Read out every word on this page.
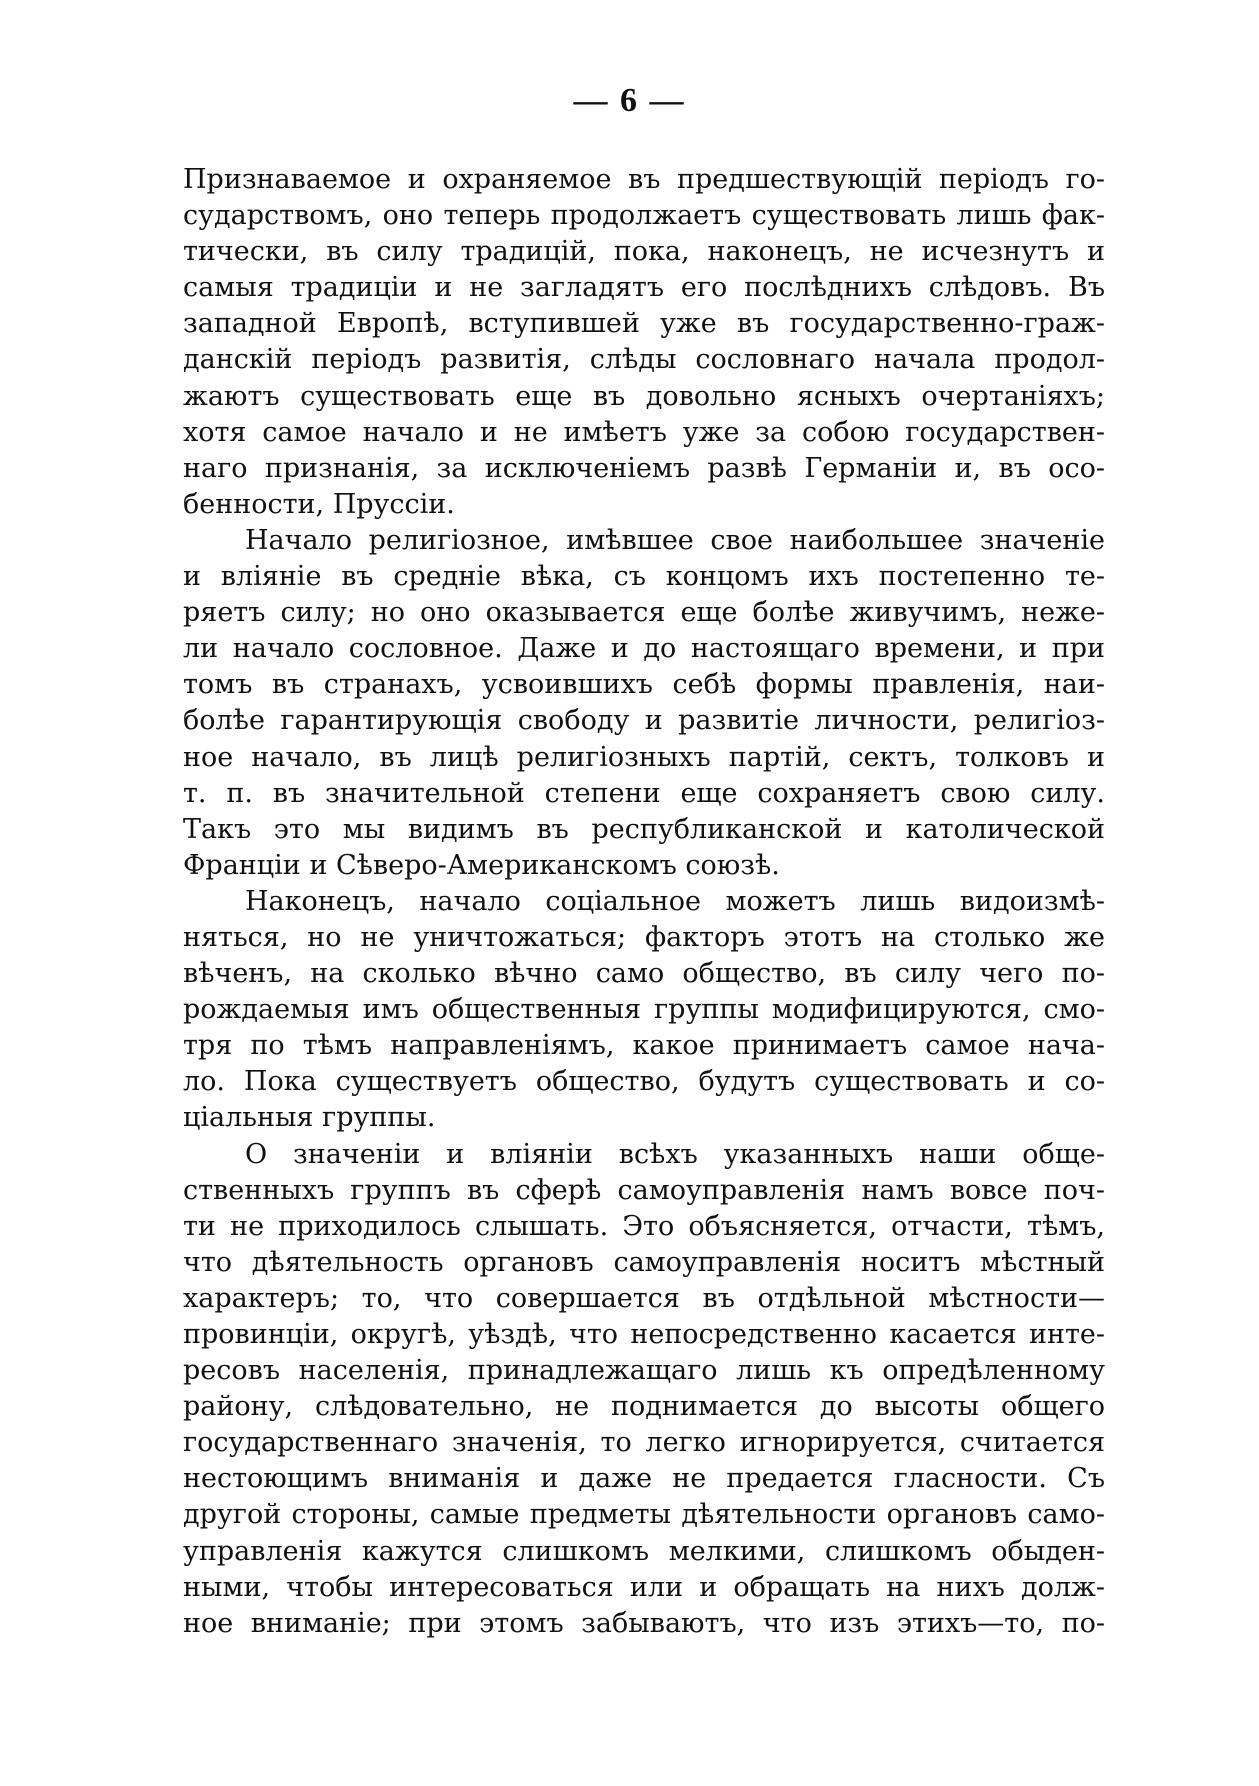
— 6 —
Признаваемое и охраняемое въ предшествующій періодъ го-
сударствомъ, оно теперь продолжаетъ существовать лишь фак-
тически, въ силу традицій, пока, наконецъ, не исчезнутъ и
самыя традиціи и не загладятъ его послѣднихъ слѣдовъ. Въ
западной Европѣ, вступившей уже въ государственно-граж-
данскій періодъ развитія, слѣды сословнаго начала продол-
жаютъ существовать еще въ довольно ясныхъ очертаніяхъ;
хотя самое начало и не имѣетъ уже за собою государствен-
наго признанія, за исключеніемъ развѣ Германіи и, въ осо-
бенности, Пруссіи.
Начало религіозное, имѣвшее свое наибольшее значеніе
и вліяніе въ средніе вѣка, съ концомъ ихъ постепенно те-
ряетъ силу; но оно оказывается еще болѣе живучимъ, нeже-
ли начало сословное. Даже и до настоящаго времени, и при
томъ въ странахъ, усвоившихъ себѣ формы правленія, наи-
болѣе гарантирующія свободу и развитіе личности, религіоз-
ное начало, въ лицѣ религіозныхъ партій, сектъ, толковъ и
т. п. въ значительной степени еще сохраняетъ свою силу.
Такъ это мы видимъ въ республиканской и католической
Франціи и Сѣверо-Американскомъ союзѣ.
Наконецъ, начало соціальное можетъ лишь видоизмѣ-
няться, но не уничтожаться; факторъ этотъ на столько же
вѣченъ, на сколько вѣчно само общество, въ силу чего по-
рождаемыя имъ общественныя группы модифицируются, смо-
тря по тѣмъ направленіямъ, какое принимаетъ самое нача-
ло. Пока существуетъ общество, будутъ существовать и со-
ціальныя группы.
О значеніи и вліяніи всѣхъ указанныхъ наши обще-
ственныхъ группъ въ сферѣ самоуправленія намъ вовсе поч-
ти не приходилось слышать. Это объясняется, отчасти, тѣмъ,
что дѣятельность органовъ самоуправленія носитъ мѣстный
характеръ; то, что совершается въ отдѣльной мѣстности—
провинціи, округѣ, уѣздѣ, что непосредственно касается инте-
ресовъ населенія, принадлежащаго лишь къ опредѣленному
району, слѣдовательно, не поднимается до высоты общего
государственнаго значенія, то легко игнорируется, считается
нестоющимъ вниманія и даже не предается гласности. Съ
другой стороны, самые предметы дѣятельности органовъ само-
управленія кажутся слишкомъ мелкими, слишкомъ обыден-
ными, чтобы интересоваться или и обращать на нихъ долж-
ное вниманіе; при этомъ забываютъ, что изъ этихъ—то, по-
